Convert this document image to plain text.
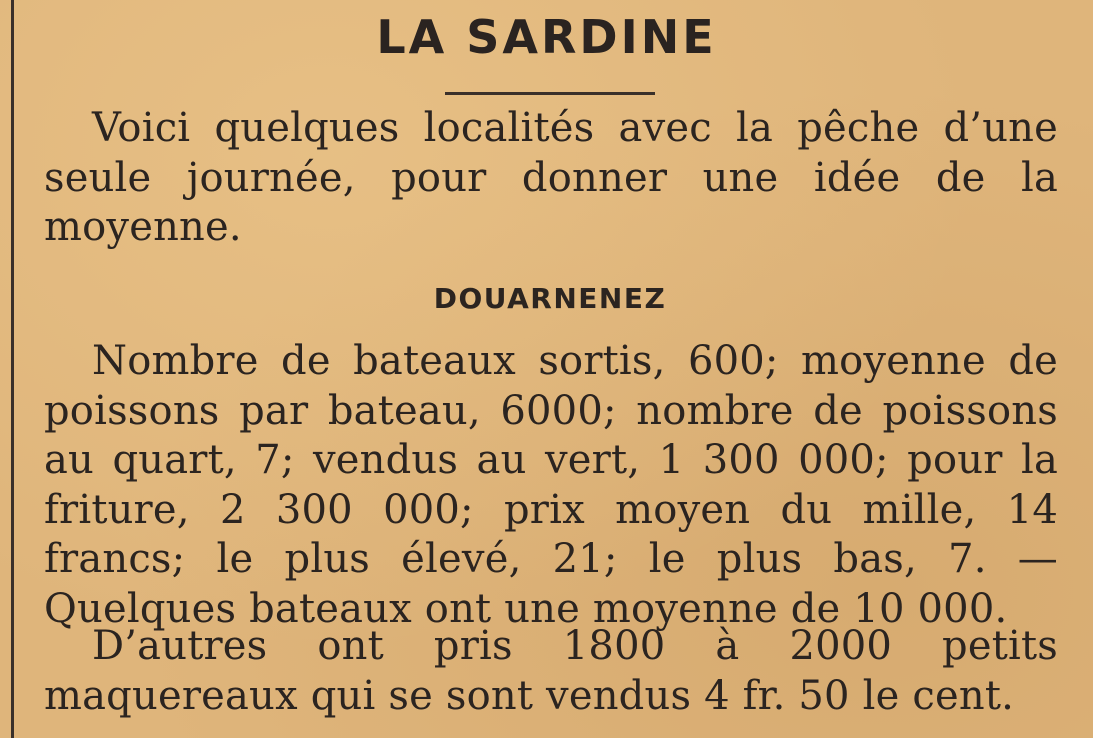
LA SARDINE

Voici quelques localités avec la pêche d’une seule journée, pour donner une idée de la moyenne.

DOUARNENEZ

Nombre de bateaux sortis, 600; moyenne de poissons par bateau, 6000; nombre de poissons au quart, 7; vendus au vert, 1 300 000; pour la friture, 2 300 000; prix moyen du mille, 14 francs; le plus élevé, 21; le plus bas, 7. — Quelques bateaux ont une moyenne de 10 000.

D’autres ont pris 1800 à 2000 petits maquereaux qui se sont vendus 4 fr. 50 le cent.
